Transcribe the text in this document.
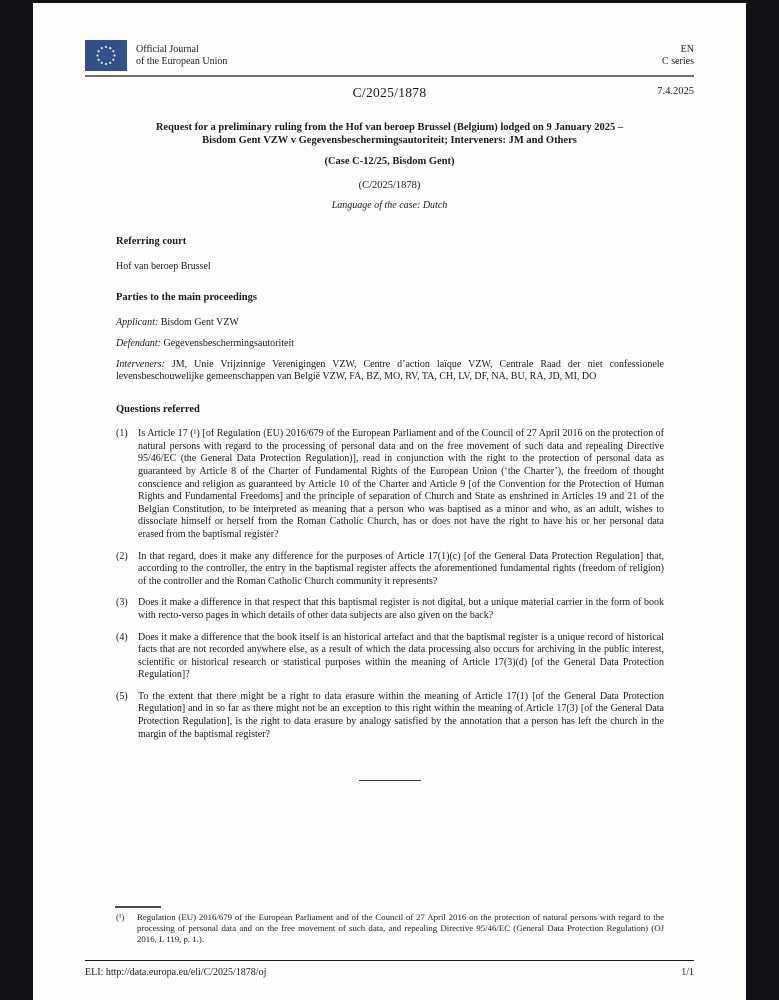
Official Journal
of the European Union
EN
C series
C/2025/1878	7.4.2025
Request for a preliminary ruling from the Hof van beroep Brussel (Belgium) lodged on 9 January 2025 – Bisdom Gent VZW v Gegevensbeschermingsautoriteit; Interveners: JM and Others
(Case C-12/25, Bisdom Gent)
(C/2025/1878)
Language of the case: Dutch
Referring court
Hof van beroep Brussel
Parties to the main proceedings
Applicant: Bisdom Gent VZW
Defendant: Gegevensbeschermingsautoriteit
Interveners: JM, Unie Vrijzinnige Verenigingen VZW, Centre d’action laïque VZW, Centrale Raad der niet confessionele levensbeschouwelijke gemeenschappen van België VZW, FA, BZ, MO, RV, TA, CH, LV, DF, NA, BU, RA, JD, MI, DO
Questions referred
(1)	Is Article 17 (¹) [of Regulation (EU) 2016/679 of the European Parliament and of the Council of 27 April 2016 on the protection of natural persons with regard to the processing of personal data and on the free movement of such data and repealing Directive 95/46/EC (the General Data Protection Regulation)], read in conjunction with the right to the protection of personal data as guaranteed by Article 8 of the Charter of Fundamental Rights of the European Union (‘the Charter’), the freedom of thought conscience and religion as guaranteed by Article 10 of the Charter and Article 9 [of the Convention for the Protection of Human Rights and Fundamental Freedoms] and the principle of separation of Church and State as enshrined in Articles 19 and 21 of the Belgian Constitution, to be interpreted as meaning that a person who was baptised as a minor and who, as an adult, wishes to dissociate himself or herself from the Roman Catholic Church, has or does not have the right to have his or her personal data erased from the baptismal register?
(2)	In that regard, does it make any difference for the purposes of Article 17(1)(c) [of the General Data Protection Regulation] that, according to the controller, the entry in the baptismal register affects the aforementioned fundamental rights (freedom of religion) of the controller and the Roman Catholic Church community it represents?
(3)	Does it make a difference in that respect that this baptismal register is not digital, but a unique material carrier in the form of book with recto-verso pages in which details of other data subjects are also given on the back?
(4)	Does it make a difference that the book itself is an historical artefact and that the baptismal register is a unique record of historical facts that are not recorded anywhere else, as a result of which the data processing also occurs for archiving in the public interest, scientific or historical research or statistical purposes within the meaning of Article 17(3)(d) [of the General Data Protection Regulation]?
(5)	To the extent that there might be a right to data erasure within the meaning of Article 17(1) [of the General Data Protection Regulation] and in so far as there might not be an exception to this right within the meaning of Article 17(3) [of the General Data Protection Regulation], is the right to data erasure by analogy satisfied by the annotation that a person has left the church in the margin of the baptismal register?
(¹)	Regulation (EU) 2016/679 of the European Parliament and of the Council of 27 April 2016 on the protection of natural persons with regard to the processing of personal data and on the free movement of such data, and repealing Directive 95/46/EC (General Data Protection Regulation) (OJ 2016, L 119, p. 1.).
ELI: http://data.europa.eu/eli/C/2025/1878/oj	1/1
